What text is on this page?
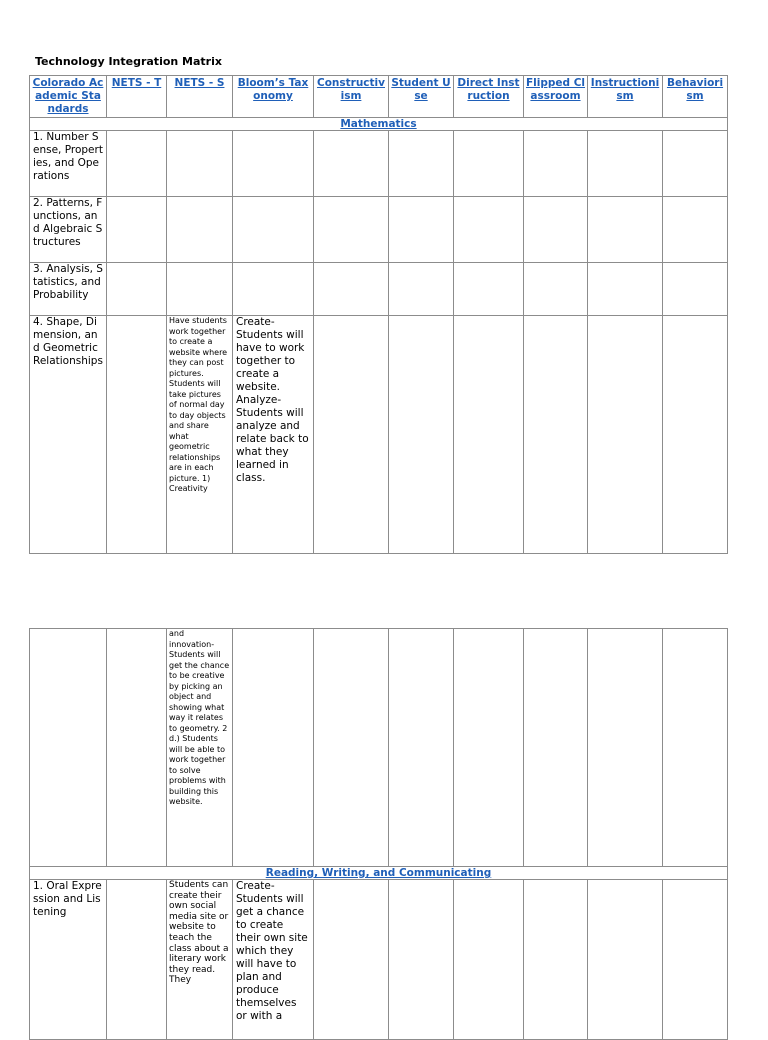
Technology Integration Matrix
Colorado Academic Standards	NETS - T	NETS - S	Bloom’s Taxonomy	Constructivism	Student Use	Direct Instruction	Flipped Classroom	Instructionism	Behaviorism
Mathematics									
1. Number Sense, Properties, and Operations									
2. Patterns, Functions, and Algebraic Structures									
3. Analysis, Statistics, and Probability									
4. Shape, Dimension, and Geometric Relationships		Have students work together to create a website where they can post pictures. Students will take pictures of normal day to day objects and share what geometric relationships are in each picture. 1) Creativity	Create- Students will have to work together to create a website. Analyze- Students will analyze and relate back to what they learned in class.						
		and innovation- Students will get the chance to be creative by picking an object and showing what way it relates to geometry. 2 d.) Students will be able to work together to solve problems with building this website.							
Reading, Writing, and Communicating									
1. Oral Expression and Listening		Students can create their own social media site or website to teach the class about a literary work they read. They	Create- Students will get a chance to create their own site which they will have to plan and produce themselves or with a						
